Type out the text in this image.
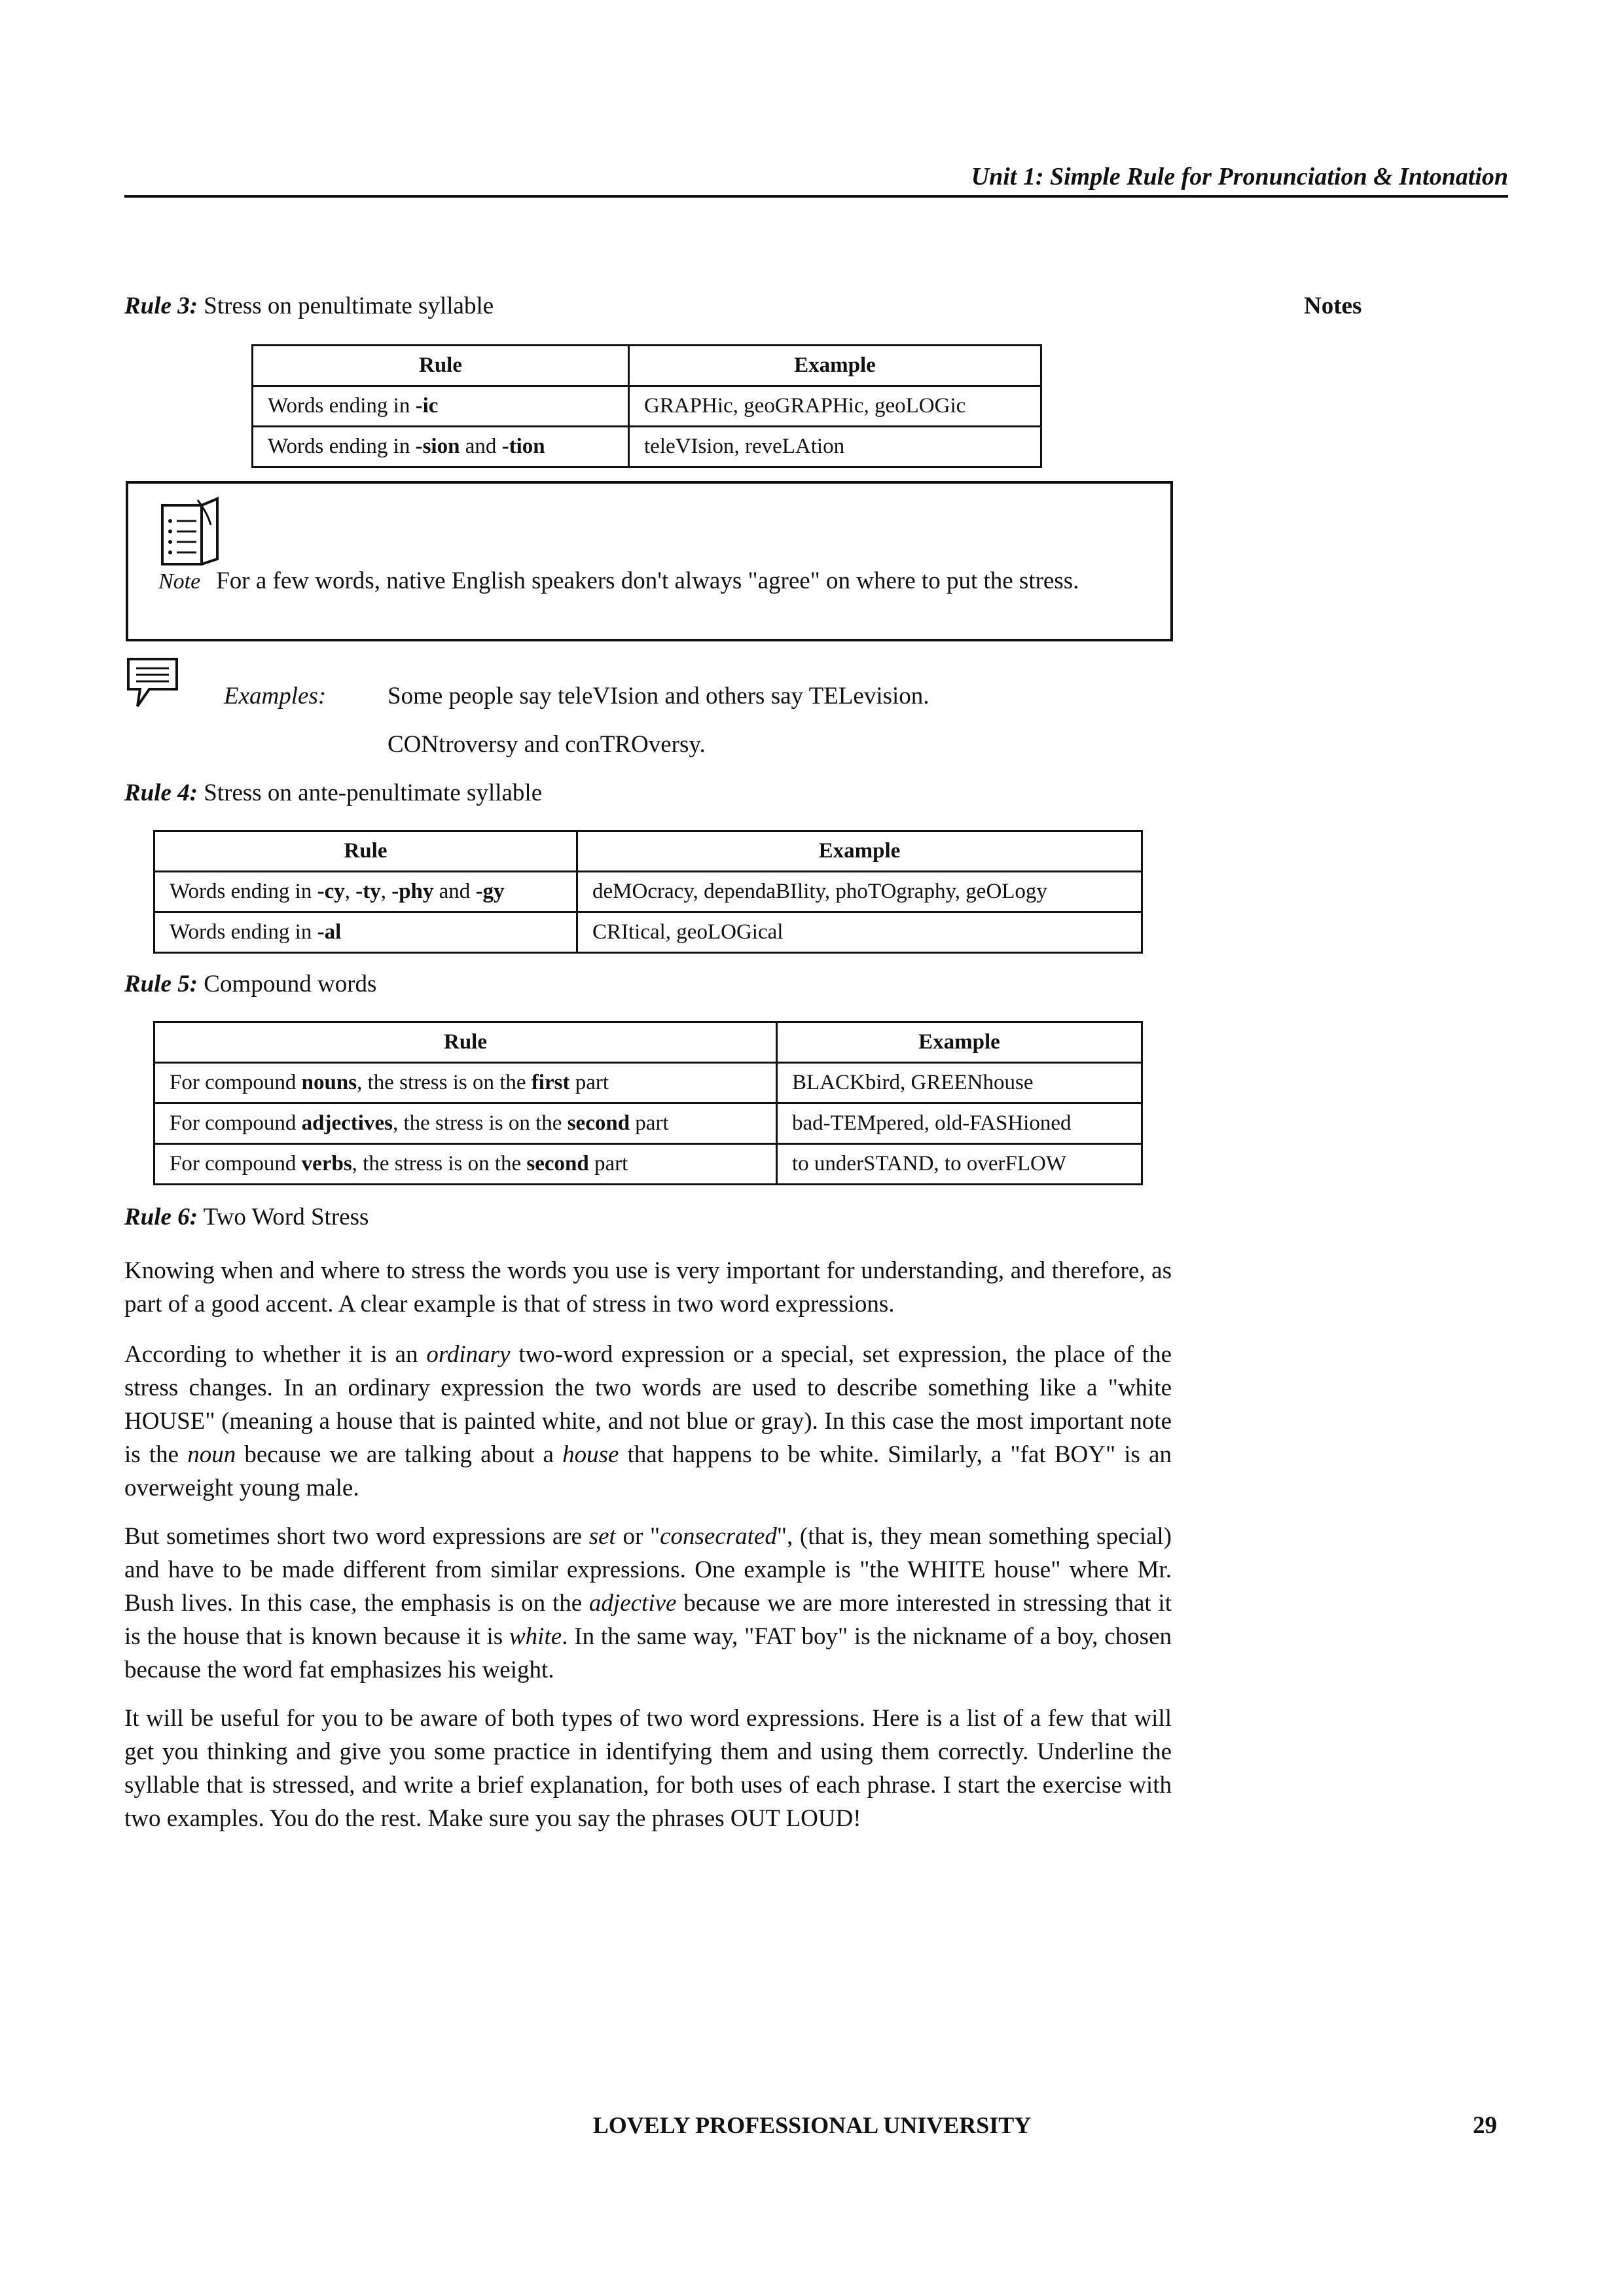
Unit 1: Simple Rule for Pronunciation & Intonation
Notes
Rule 3: Stress on penultimate syllable
Rule	Example
Words ending in -ic	GRAPHic, geoGRAPHic, geoLOGic
Words ending in -sion and -tion	teleVIsion, reveLAtion
Note For a few words, native English speakers don't always "agree" on where to put the stress.
Examples:	Some people say teleVIsion and others say TELevision.
CONtroversy and conTROversy.
Rule 4: Stress on ante-penultimate syllable
Rule	Example
Words ending in -cy, -ty, -phy and -gy	deMOcracy, dependaBIlity, phoTOgraphy, geOLogy
Words ending in -al	CRItical, geoLOGical
Rule 5: Compound words
Rule	Example
For compound nouns, the stress is on the first part	BLACKbird, GREENhouse
For compound adjectives, the stress is on the second part	bad-TEMpered, old-FASHioned
For compound verbs, the stress is on the second part	to underSTAND, to overFLOW
Rule 6: Two Word Stress

Knowing when and where to stress the words you use is very important for understanding, and therefore, as part of a good accent. A clear example is that of stress in two word expressions.

According to whether it is an ordinary two-word expression or a special, set expression, the place of the stress changes. In an ordinary expression the two words are used to describe something like a "white HOUSE" (meaning a house that is painted white, and not blue or gray). In this case the most important note is the noun because we are talking about a house that happens to be white. Similarly, a "fat BOY" is an overweight young male.

But sometimes short two word expressions are set or "consecrated", (that is, they mean something special) and have to be made different from similar expressions. One example is "the WHITE house" where Mr. Bush lives. In this case, the emphasis is on the adjective because we are more interested in stressing that it is the house that is known because it is white. In the same way, "FAT boy" is the nickname of a boy, chosen because the word fat emphasizes his weight.

It will be useful for you to be aware of both types of two word expressions. Here is a list of a few that will get you thinking and give you some practice in identifying them and using them correctly. Underline the syllable that is stressed, and write a brief explanation, for both uses of each phrase. I start the exercise with two examples. You do the rest. Make sure you say the phrases OUT LOUD!

LOVELY PROFESSIONAL UNIVERSITY	29
